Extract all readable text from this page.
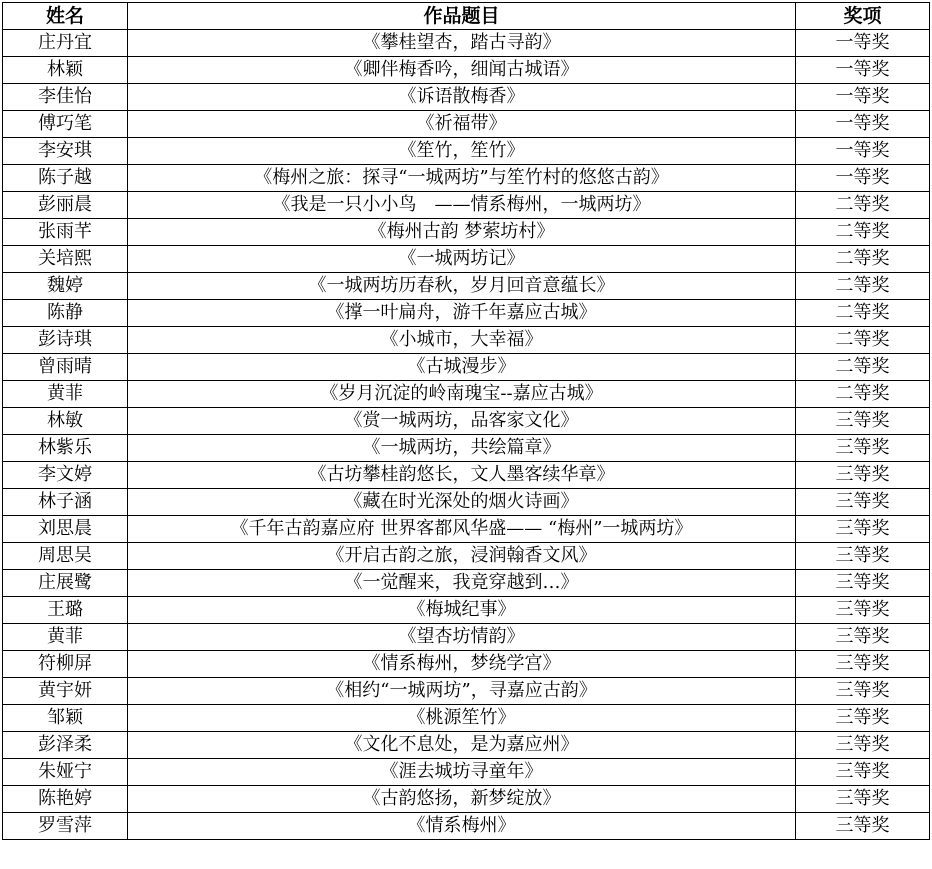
姓名	作品题目	奖项
庄丹宜	《攀桂望杏，踏古寻韵》	一等奖
林颖	《卿伴梅香吟，细闻古城语》	一等奖
李佳怡	《诉语散梅香》	一等奖
傅巧笔	《祈福带》	一等奖
李安琪	《笙竹，笙竹》	一等奖
陈子越	《梅州之旅：探寻“一城两坊”与笙竹村的悠悠古韵》	一等奖
彭丽晨	《我是一只小小鸟　——情系梅州，一城两坊》	二等奖
张雨芊	《梅州古韵 梦萦坊村》	二等奖
关培熙	《一城两坊记》	二等奖
魏婷	《一城两坊历春秋，岁月回音意蕴长》	二等奖
陈静	《撑一叶扁舟，游千年嘉应古城》	二等奖
彭诗琪	《小城市，大幸福》	二等奖
曾雨晴	《古城漫步》	二等奖
黄菲	《岁月沉淀的岭南瑰宝--嘉应古城》	二等奖
林敏	《赏一城两坊，品客家文化》	三等奖
林紫乐	《一城两坊，共绘篇章》	三等奖
李文婷	《古坊攀桂韵悠长，文人墨客续华章》	三等奖
林子涵	《藏在时光深处的烟火诗画》	三等奖
刘思晨	《千年古韵嘉应府 世界客都风华盛—— “梅州”一城两坊》	三等奖
周思吴	《开启古韵之旅，浸润翰香文风》	三等奖
庄展鹭	《一觉醒来，我竟穿越到…》	三等奖
王璐	《梅城纪事》	三等奖
黄菲	《望杏坊情韵》	三等奖
符柳屏	《情系梅州，梦绕学宫》	三等奖
黄宇妍	《相约“一城两坊”，寻嘉应古韵》	三等奖
邹颖	《桃源笙竹》	三等奖
彭泽柔	《文化不息处，是为嘉应州》	三等奖
朱娅宁	《涯去城坊寻童年》	三等奖
陈艳婷	《古韵悠扬，新梦绽放》	三等奖
罗雪萍	《情系梅州》	三等奖
